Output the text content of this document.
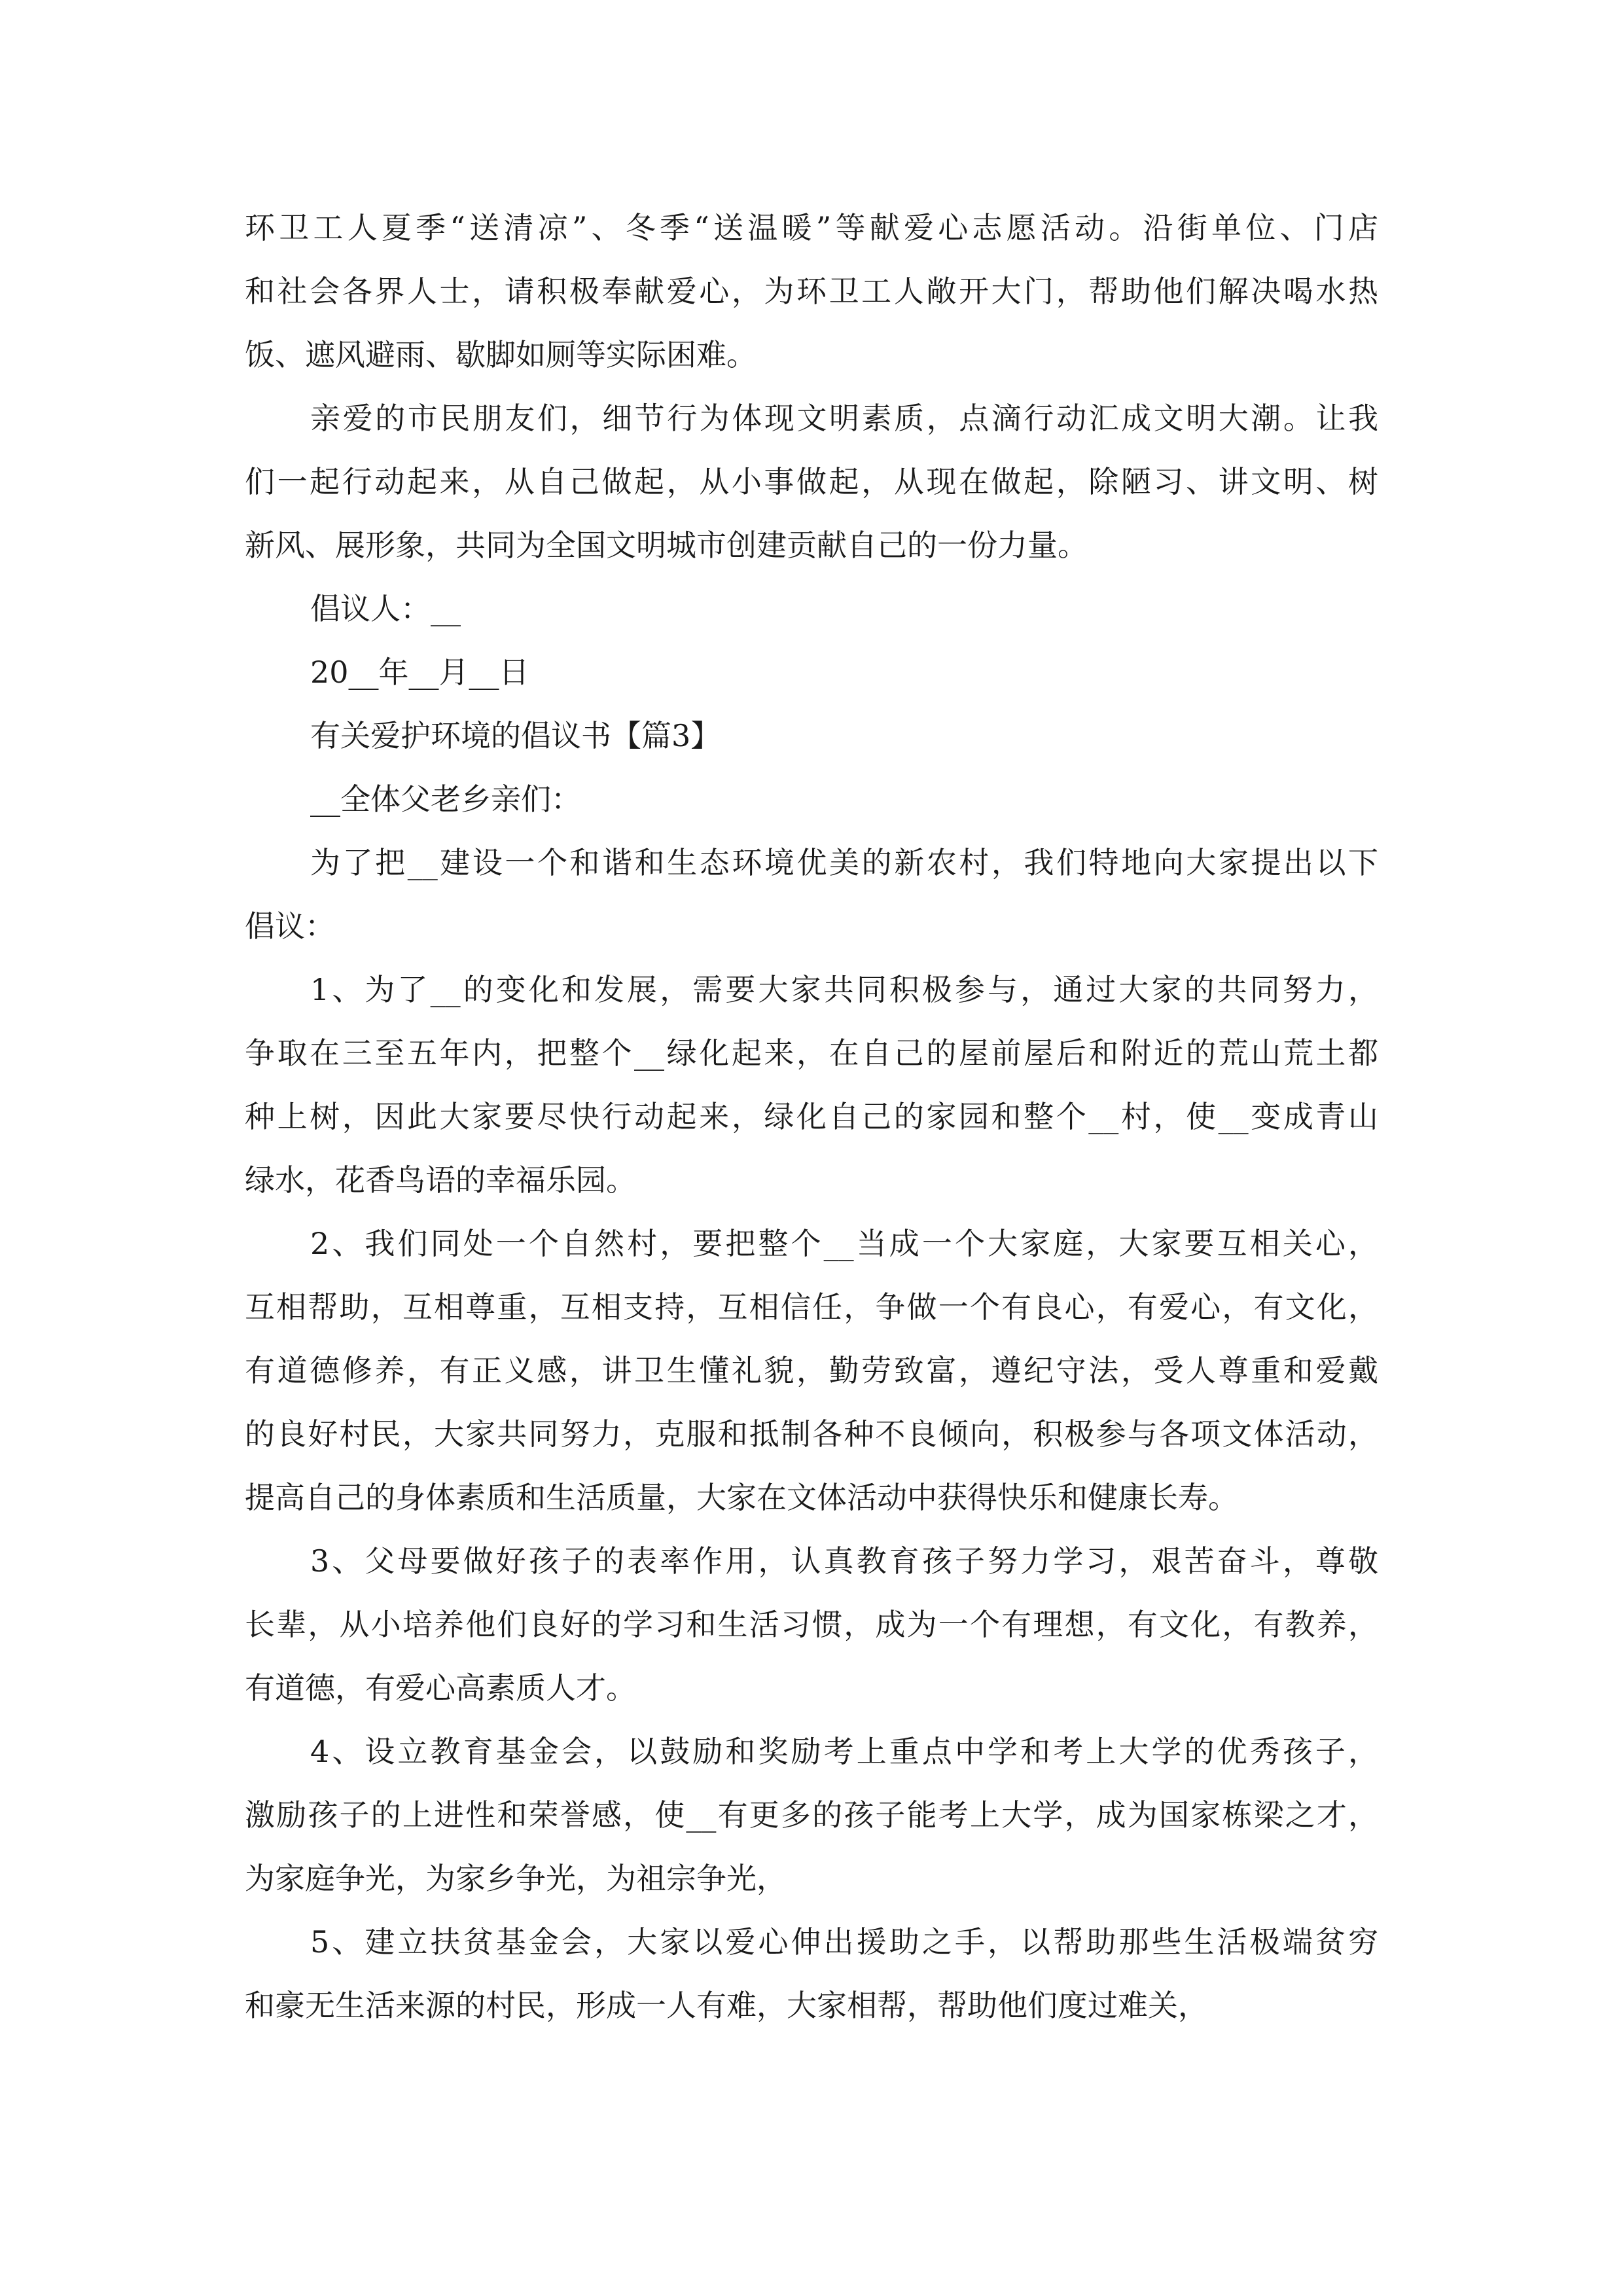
环卫工人夏季“送清凉”、冬季“送温暖”等献爱心志愿活动。沿街单位、门店
和社会各界人士，请积极奉献爱心，为环卫工人敞开大门，帮助他们解决喝水热
饭、遮风避雨、歇脚如厕等实际困难。
亲爱的市民朋友们，细节行为体现文明素质，点滴行动汇成文明大潮。让我
们一起行动起来，从自己做起，从小事做起，从现在做起，除陋习、讲文明、树
新风、展形象，共同为全国文明城市创建贡献自己的一份力量。
倡议人：__
20__年__月__日
有关爱护环境的倡议书【篇3】
__全体父老乡亲们：
为了把__建设一个和谐和生态环境优美的新农村，我们特地向大家提出以下
倡议：
1、为了__的变化和发展，需要大家共同积极参与，通过大家的共同努力，
争取在三至五年内，把整个__绿化起来，在自己的屋前屋后和附近的荒山荒土都
种上树，因此大家要尽快行动起来，绿化自己的家园和整个__村，使__变成青山
绿水，花香鸟语的幸福乐园。
2、我们同处一个自然村，要把整个__当成一个大家庭，大家要互相关心，
互相帮助，互相尊重，互相支持，互相信任，争做一个有良心，有爱心，有文化，
有道德修养，有正义感，讲卫生懂礼貌，勤劳致富，遵纪守法，受人尊重和爱戴
的良好村民，大家共同努力，克服和抵制各种不良倾向，积极参与各项文体活动，
提高自己的身体素质和生活质量，大家在文体活动中获得快乐和健康长寿。
3、父母要做好孩子的表率作用，认真教育孩子努力学习，艰苦奋斗，尊敬
长辈，从小培养他们良好的学习和生活习惯，成为一个有理想，有文化，有教养，
有道德，有爱心高素质人才。
4、设立教育基金会，以鼓励和奖励考上重点中学和考上大学的优秀孩子，
激励孩子的上进性和荣誉感，使__有更多的孩子能考上大学，成为国家栋梁之才，
为家庭争光，为家乡争光，为祖宗争光，
5、建立扶贫基金会，大家以爱心伸出援助之手，以帮助那些生活极端贫穷
和豪无生活来源的村民，形成一人有难，大家相帮，帮助他们度过难关，
